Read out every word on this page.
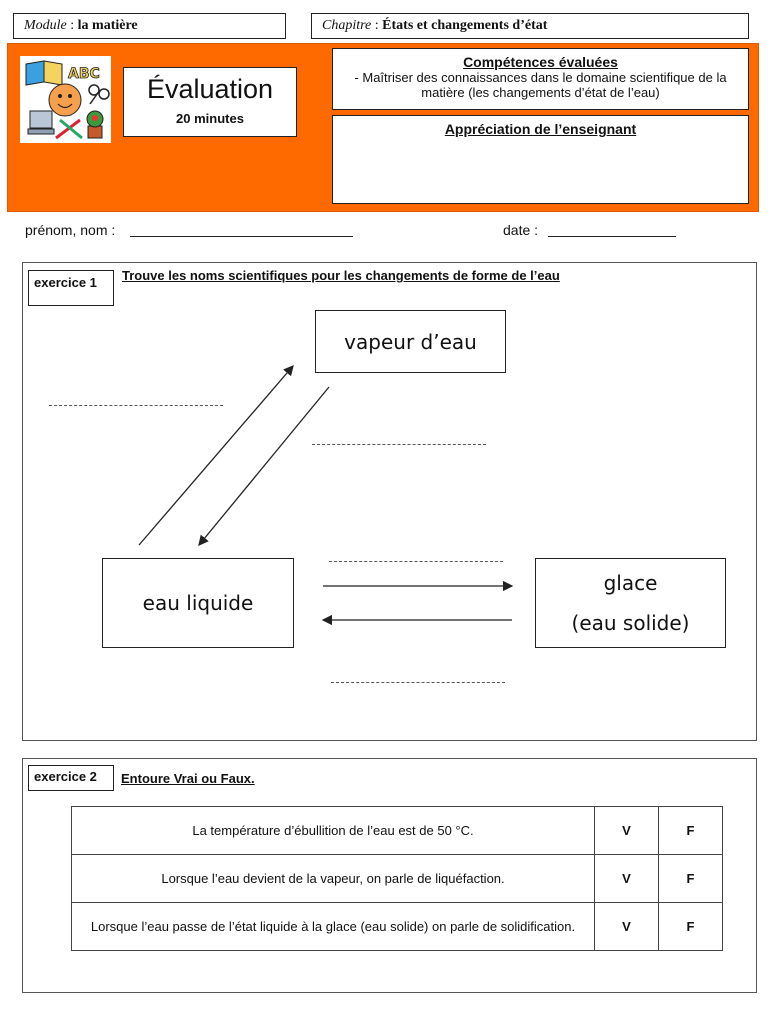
Module : la matière	Chapitre : États et changements d’état
ABC	Évaluation
20 minutes
Compétences évaluées
- Maîtriser des connaissances dans le domaine scientifique de la matière (les changements d’état de l’eau)
Appréciation de l’enseignant
prénom, nom :	date :
exercice 1	Trouve les noms scientifiques pour les changements de forme de l’eau
vapeur d’eau
eau liquide
glace
(eau solide)
exercice 2	Entoure Vrai ou Faux.
La température d’ébullition de l’eau est de 50 °C.	V	F
Lorsque l’eau devient de la vapeur, on parle de liquéfaction.	V	F
Lorsque l’eau passe de l’état liquide à la glace (eau solide) on parle de solidification.	V	F
